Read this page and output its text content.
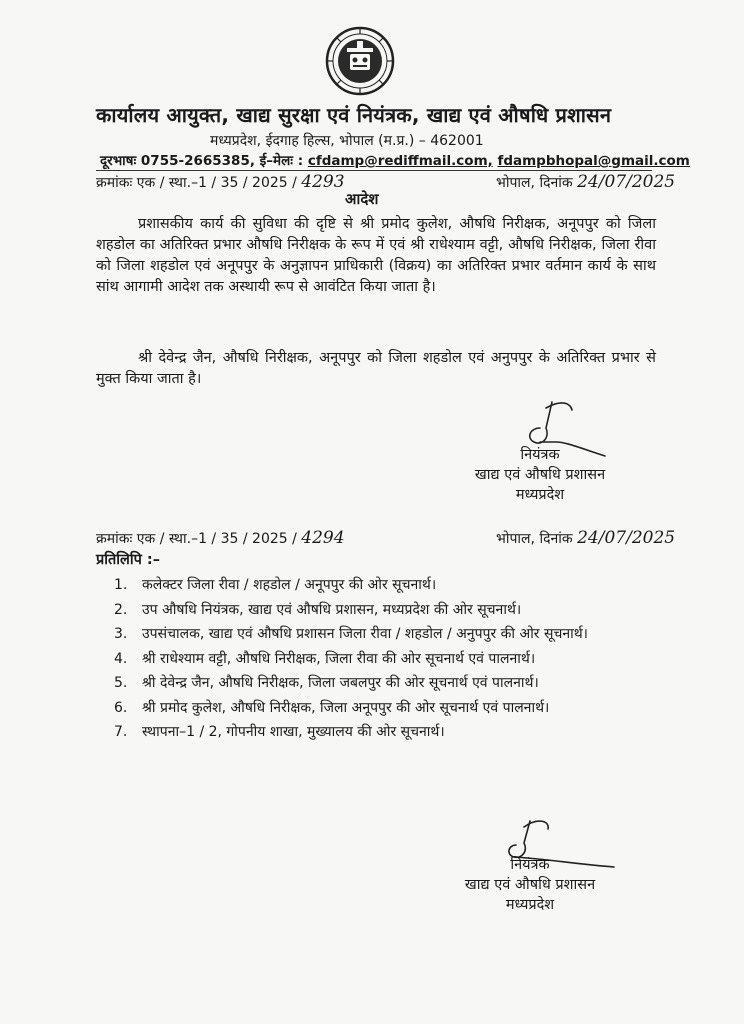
कार्यालय आयुक्त, खाद्य सुरक्षा एवं नियंत्रक, खाद्य एवं औषधि प्रशासन
मध्यप्रदेश, ईदगाह हिल्स, भोपाल (म.प्र.) – 462001
दूरभाषः 0755-2665385, ई–मेलः : cfdamp@rediffmail.com, fdampbhopal@gmail.com
क्रमांकः एक / स्था.–1 / 35 / 2025 / 4293	भोपाल, दिनांक 24/07/2025
आदेश

प्रशासकीय कार्य की सुविधा की दृष्टि से श्री प्रमोद कुलेश, औषधि निरीक्षक, अनूपपुर को जिला शहडोल का अतिरिक्त प्रभार औषधि निरीक्षक के रूप में एवं श्री राधेश्याम वट्टी, औषधि निरीक्षक, जिला रीवा को जिला शहडोल एवं अनूपपुर के अनुज्ञापन प्राधिकारी (विक्रय) का अतिरिक्त प्रभार वर्तमान कार्य के साथ सांथ आगामी आदेश तक अस्थायी रूप से आवंटित किया जाता है।

श्री देवेन्द्र जैन, औषधि निरीक्षक, अनूपपुर को जिला शहडोल एवं अनुपपुर के अतिरिक्त प्रभार से मुक्त किया जाता है।

नियंत्रक
खाद्य एवं औषधि प्रशासन
मध्यप्रदेश
क्रमांकः एक / स्था.–1 / 35 / 2025 / 4294	भोपाल, दिनांक 24/07/2025
प्रतिलिपि :–
1. कलेक्टर जिला रीवा / शहडोल / अनूपपुर की ओर सूचनार्थ।
2. उप औषधि नियंत्रक, खाद्य एवं औषधि प्रशासन, मध्यप्रदेश की ओर सूचनार्थ।
3. उपसंचालक, खाद्य एवं औषधि प्रशासन जिला रीवा / शहडोल / अनुपपुर की ओर सूचनार्थ।
4. श्री राधेश्याम वट्टी, औषधि निरीक्षक, जिला रीवा की ओर सूचनार्थ एवं पालनार्थ।
5. श्री देवेन्द्र जैन, औषधि निरीक्षक, जिला जबलपुर की ओर सूचनार्थ एवं पालनार्थ।
6. श्री प्रमोद कुलेश, औषधि निरीक्षक, जिला अनूपपुर की ओर सूचनार्थ एवं पालनार्थ।
7. स्थापना–1 / 2, गोपनीय शाखा, मुख्यालय की ओर सूचनार्थ।
नियंत्रक
खाद्य एवं औषधि प्रशासन
मध्यप्रदेश
